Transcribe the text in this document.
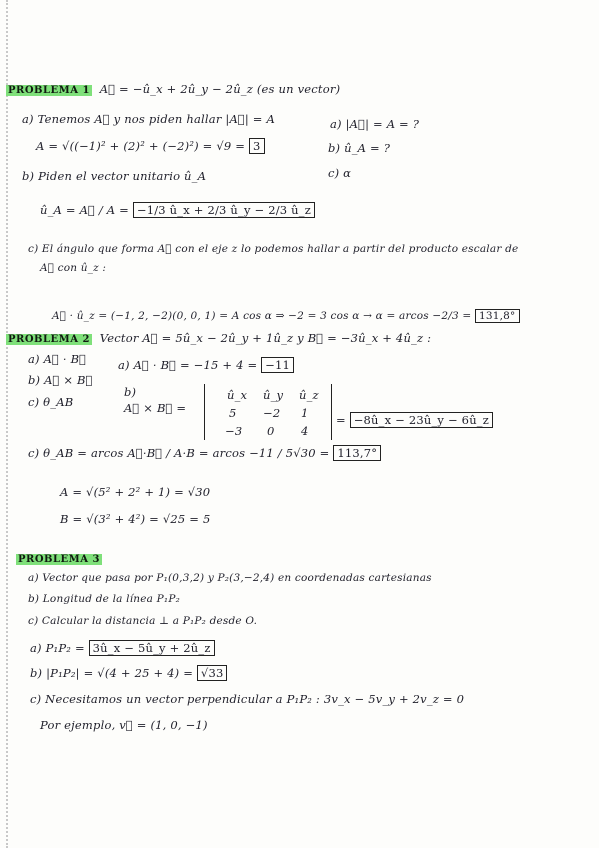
PROBLEMA 1 A⃗ = −û_x + 2û_y − 2û_z (es un vector)
a) Tenemos A⃗ y nos piden hallar |A⃗| = A	a) |A⃗| = A = ?
A = √((−1)² + (2)² + (−2)²) = √9 = 3	b) û_A = ?
c) α
b) Piden el vector unitario û_A
û_A = A⃗ / A = −1/3 û_x + 2/3 û_y − 2/3 û_z
c) El ángulo que forma A⃗ con el eje z lo podemos hallar a partir del producto escalar de
A⃗ con û_z :
A⃗ · û_z = (−1, 2, −2)(0, 0, 1) = A cos α ⇒ −2 = 3 cos α → α = arcos −2/3 = 131,8°
PROBLEMA 2 Vector A⃗ = 5û_x − 2û_y + 1û_z y B⃗ = −3û_x + 4û_z :
a) A⃗ · B⃗	a) A⃗ · B⃗ = −15 + 4 = −11
b) A⃗ × B⃗
c) θ_AB
b)
A⃗ × B⃗ =
û_x û_y û_z
5 −2 1
−3 0 4
= −8û_x − 23û_y − 6û_z
c) θ_AB = arcos A⃗·B⃗ / A·B = arcos −11 / 5√30 = 113,7°
A = √(5² + 2² + 1) = √30
B = √(3² + 4²) = √25 = 5
PROBLEMA 3
a) Vector que pasa por P₁(0,3,2) y P₂(3,−2,4) en coordenadas cartesianas
b) Longitud de la línea P₁P₂
c) Calcular la distancia ⊥ a P₁P₂ desde O.
a) P₁P₂ = 3û_x − 5û_y + 2û_z
b) |P₁P₂| = √(4 + 25 + 4) = √33
c) Necesitamos un vector perpendicular a P₁P₂ : 3v_x − 5v_y + 2v_z = 0
Por ejemplo, v⃗ = (1, 0, −1)
